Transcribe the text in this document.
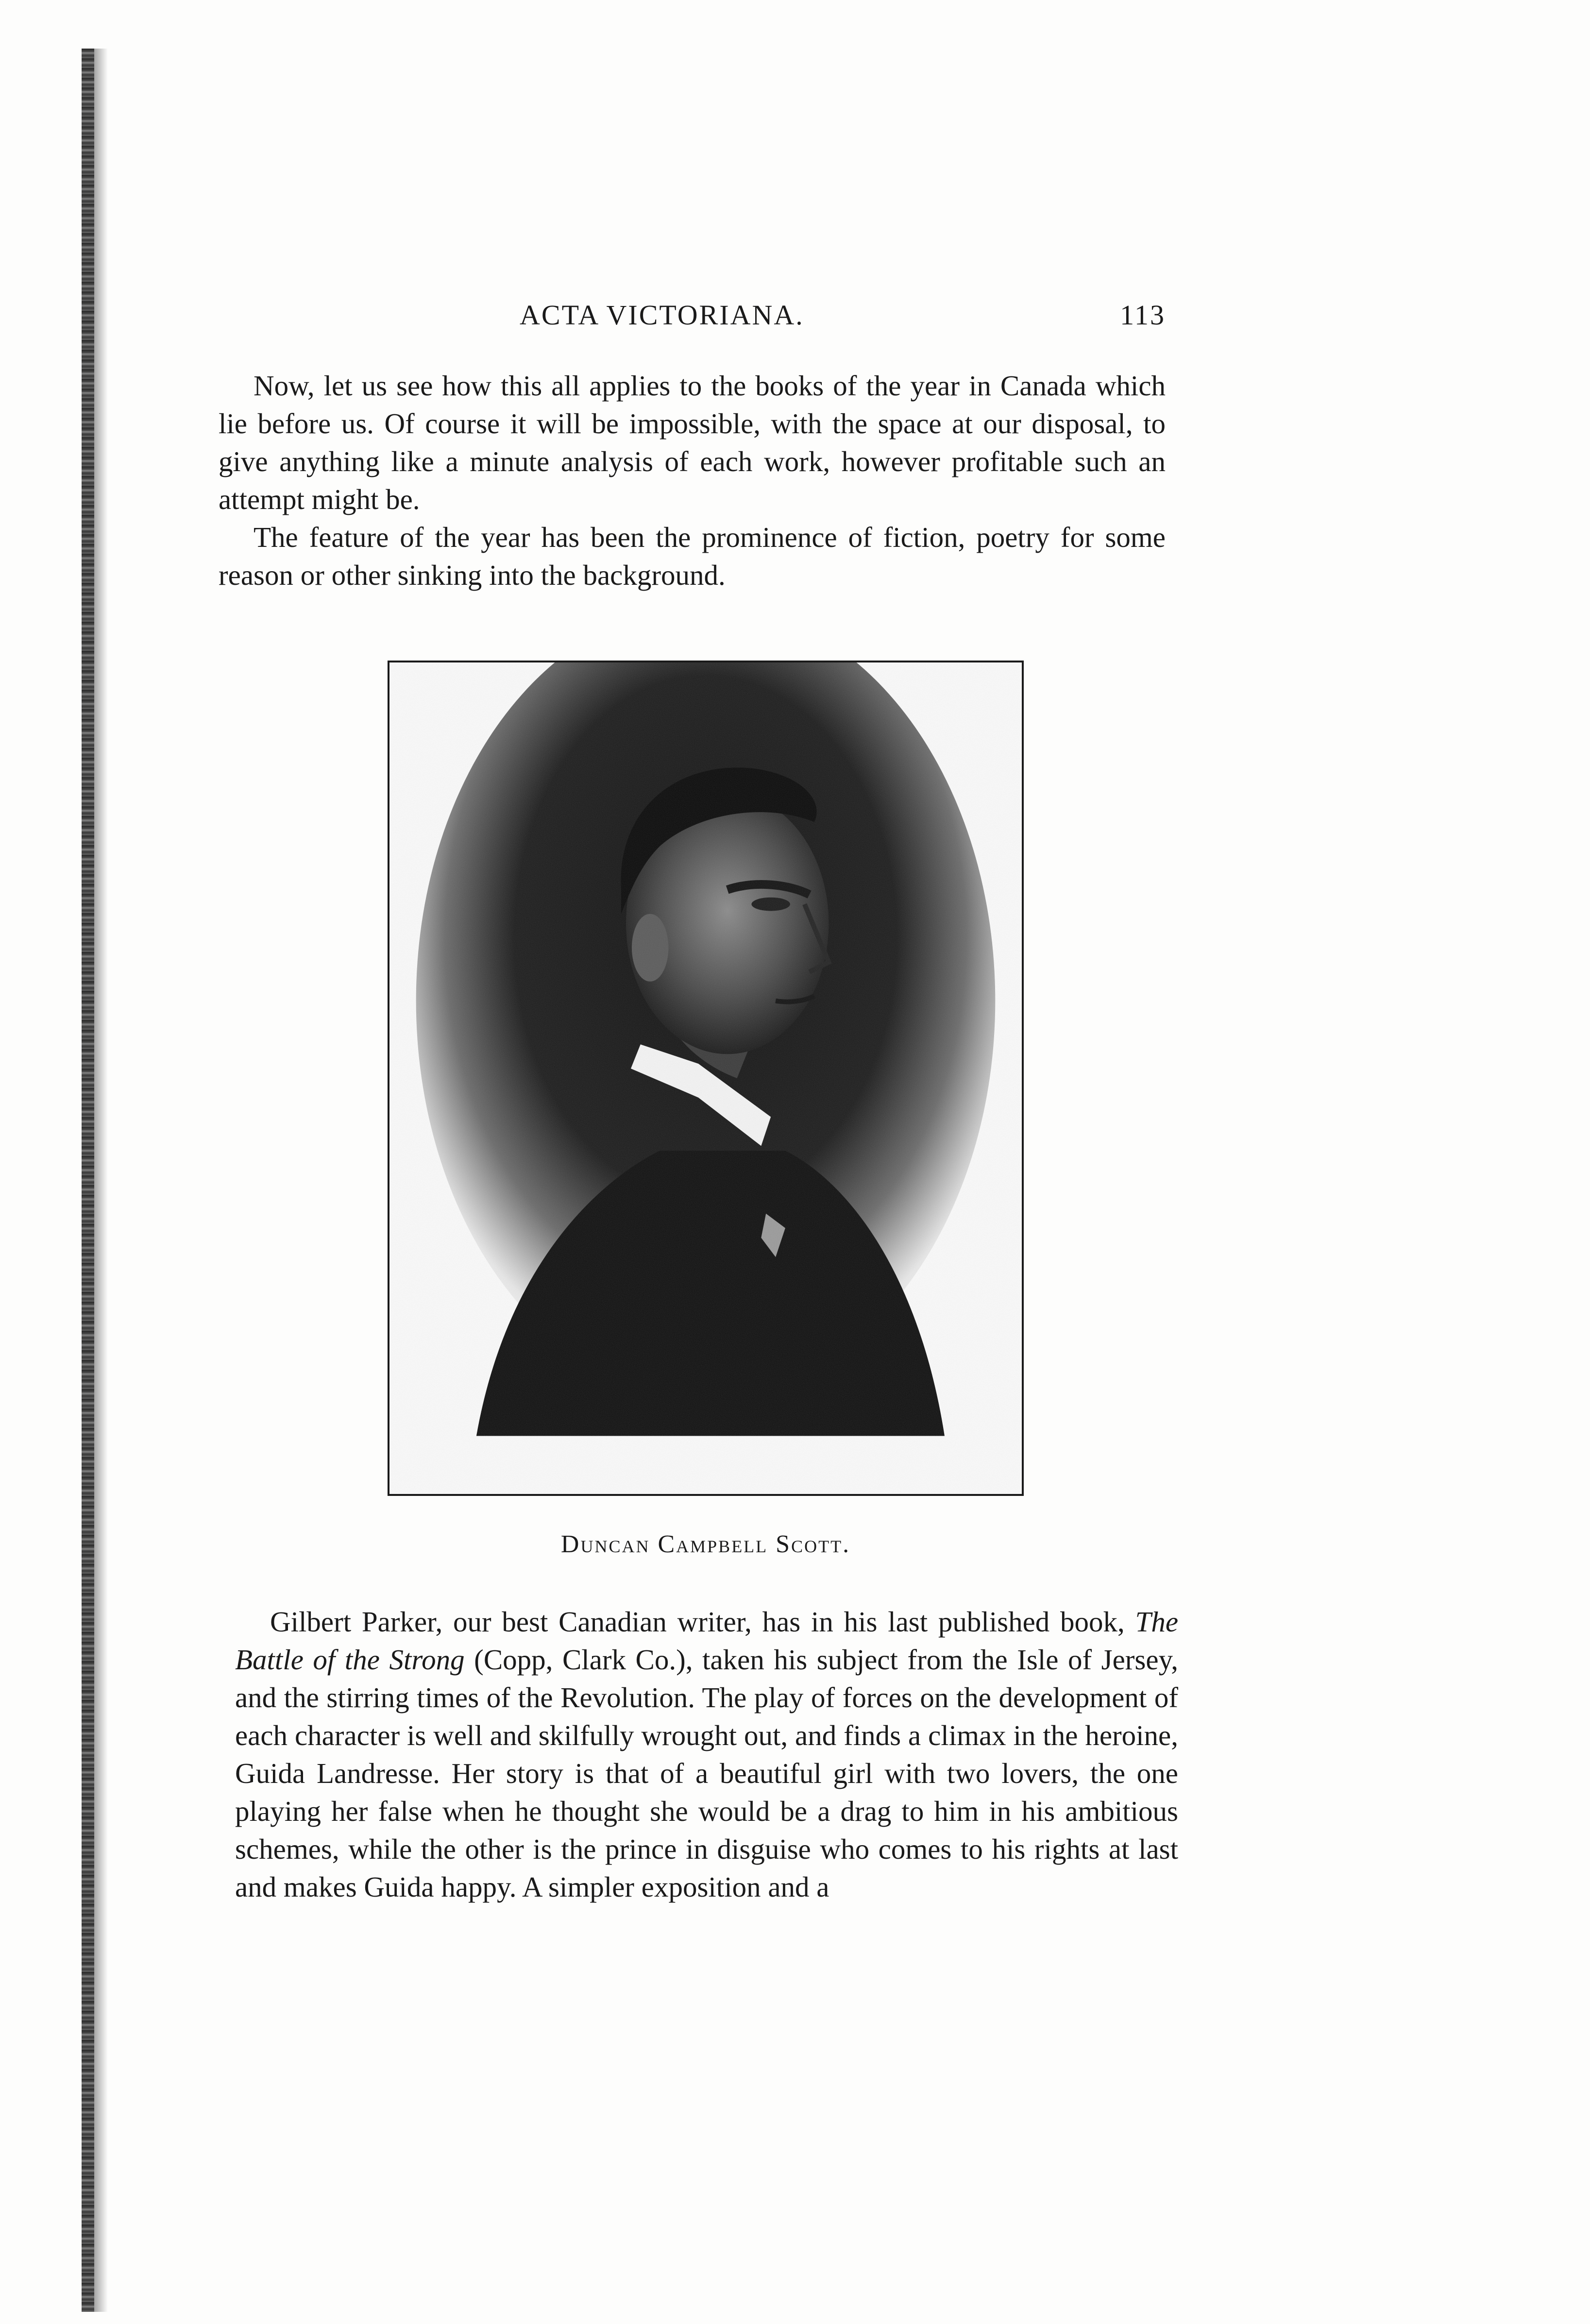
ACTA VICTORIANA.	113

Now, let us see how this all applies to the books of the year in Canada which lie before us. Of course it will be impossible, with the space at our disposal, to give anything like a minute analysis of each work, however profitable such an attempt might be.

The feature of the year has been the prominence of fiction, poetry for some reason or other sinking into the background.

Duncan Campbell Scott.

Gilbert Parker, our best Canadian writer, has in his last published book, The Battle of the Strong (Copp, Clark Co.), taken his subject from the Isle of Jersey, and the stirring times of the Revolution. The play of forces on the development of each character is well and skilfully wrought out, and finds a climax in the heroine, Guida Landresse. Her story is that of a beautiful girl with two lovers, the one playing her false when he thought she would be a drag to him in his ambitious schemes, while the other is the prince in disguise who comes to his rights at last and makes Guida happy. A simpler exposition and a
